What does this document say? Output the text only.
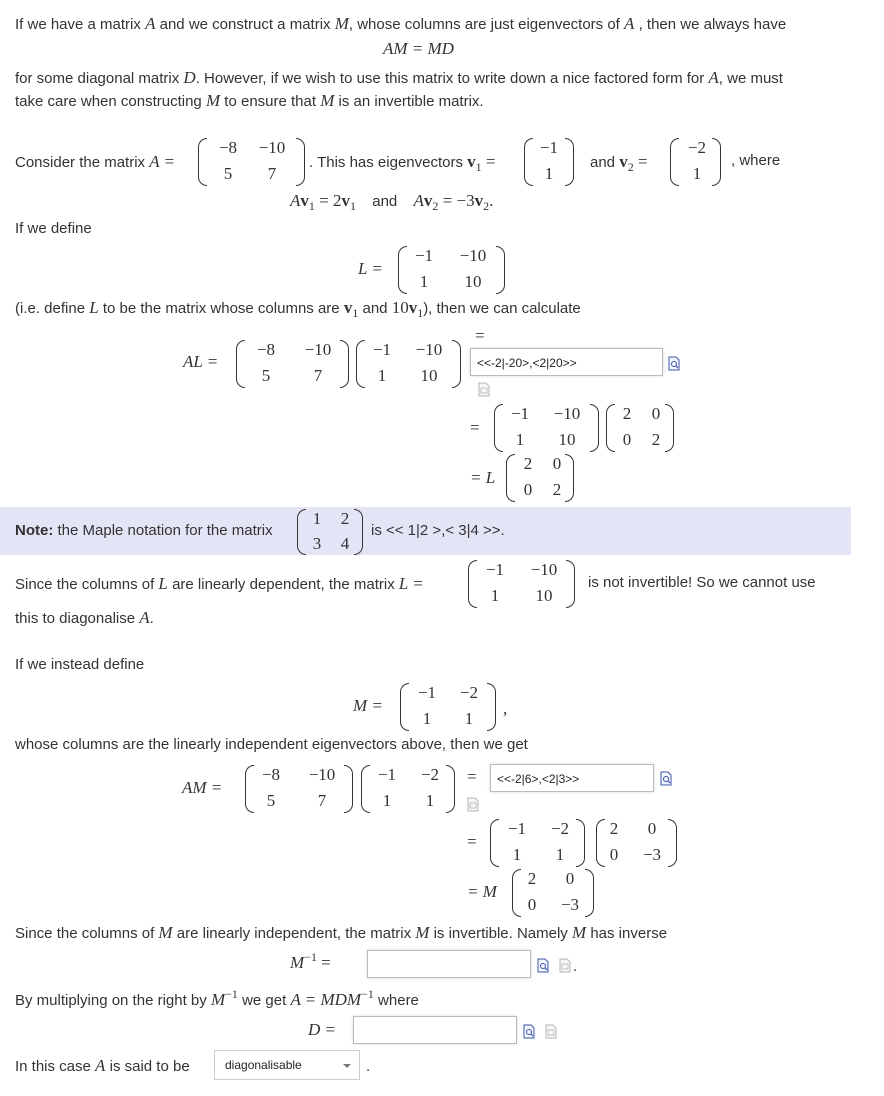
If we have a matrix A and we construct a matrix M, whose columns are just eigenvectors of A , then we always have
AM = MD
for some diagonal matrix D. However, if we wish to use this matrix to write down a nice factored form for A, we must
take care when constructing M to ensure that M is an invertible matrix.
Consider the matrix A =
−8	−10
5	7
. This has eigenvectors $v_1$ =
−1
1
and $v_2$ =
−2
1
, where
$Av_1 = 2v_1$ and $Av_2 = -3v_2$.
If we define
L =
−1	−10
1	10
(i.e. define L to be the matrix whose columns are $v_1$ and $10v_1$), then we can calculate
=
AL =
−8	−10
5	7
−1	−10
1	10
<<-2|-20>,<2|20>>
=
−1	−10
1	10
2	0
0	2
= L
2	0
0	2
Note: the Maple notation for the matrix
1	2
3	4
is << 1|2 >,< 3|4 >>.
Since the columns of L are linearly dependent, the matrix L =
−1	−10
1	10
is not invertible! So we cannot use
this to diagonalise A.
If we instead define
M =
−1	−2
1	1
,
whose columns are the linearly independent eigenvectors above, then we get
AM =
−8	−10
5	7
−1	−2
1	1
=	<<-2|6>,<2|3>>
=
−1	−2
1	1
2	0
0	−3
= M
2	0
0	−3
Since the columns of M are linearly independent, the matrix M is invertible. Namely M has inverse
$M^{-1}$ =	.
By multiplying on the right by $M^{-1}$ we get $A = MDM^{-1}$ where
D =
In this case A is said to be	diagonalisable	.
